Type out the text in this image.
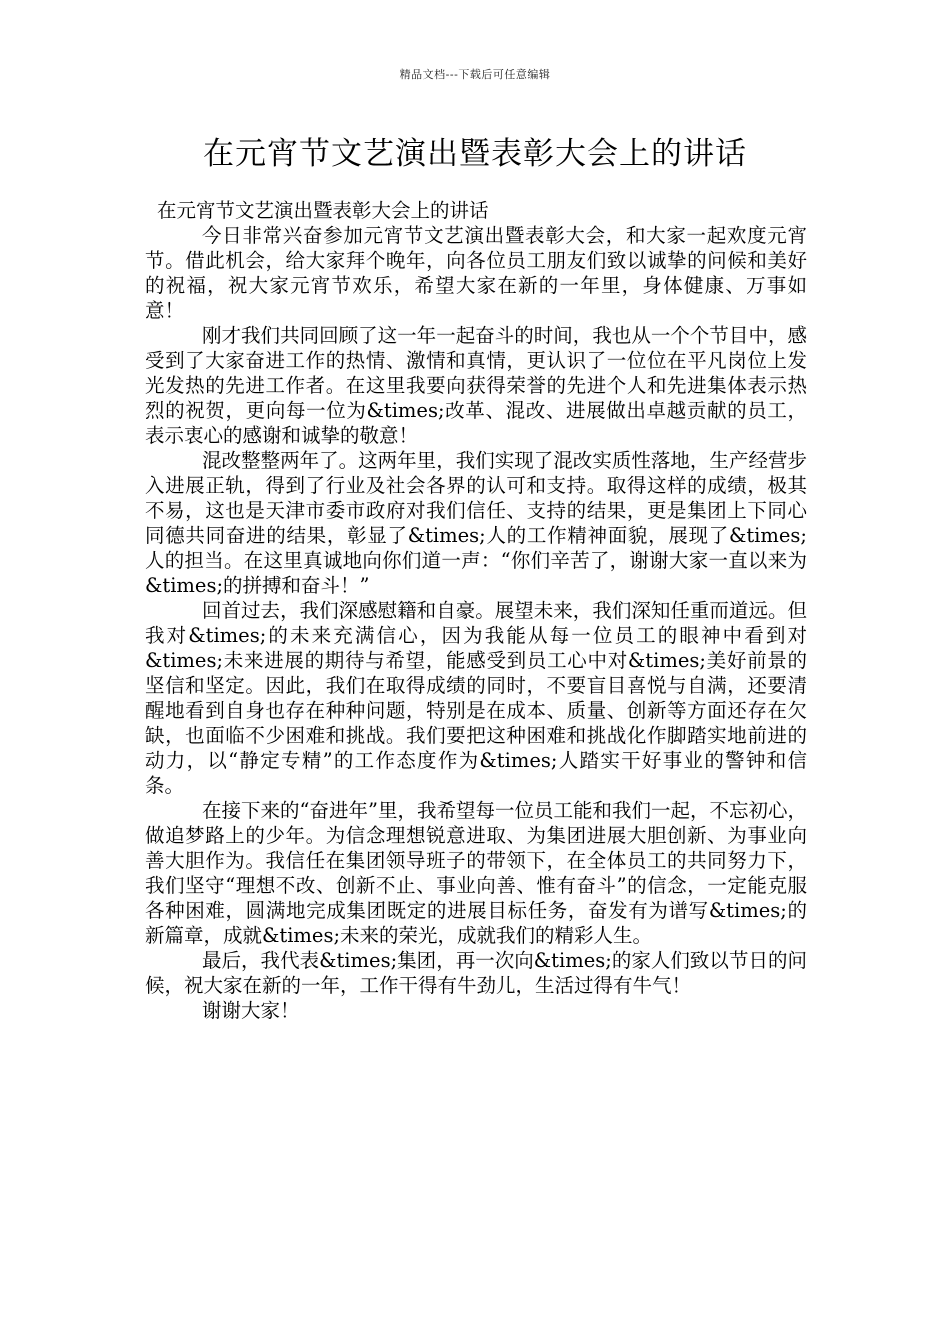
精品文档---下载后可任意编辑
在元宵节文艺演出暨表彰大会上的讲话

在元宵节文艺演出暨表彰大会上的讲话

今日非常兴奋参加元宵节文艺演出暨表彰大会，和大家一起欢度元宵节。借此机会，给大家拜个晚年，向各位员工朋友们致以诚挚的问候和美好的祝福，祝大家元宵节欢乐，希望大家在新的一年里，身体健康、万事如意！

刚才我们共同回顾了这一年一起奋斗的时间，我也从一个个节目中，感受到了大家奋进工作的热情、激情和真情，更认识了一位位在平凡岗位上发光发热的先进工作者。在这里我要向获得荣誉的先进个人和先进集体表示热烈的祝贺，更向每一位为&times;改革、混改、进展做出卓越贡献的员工，表示衷心的感谢和诚挚的敬意！

混改整整两年了。这两年里，我们实现了混改实质性落地，生产经营步入进展正轨，得到了行业及社会各界的认可和支持。取得这样的成绩，极其不易，这也是天津市委市政府对我们信任、支持的结果，更是集团上下同心同德共同奋进的结果，彰显了&times;人的工作精神面貌，展现了&times;人的担当。在这里真诚地向你们道一声：“你们辛苦了，谢谢大家一直以来为&times;的拼搏和奋斗！”

回首过去，我们深感慰籍和自豪。展望未来，我们深知任重而道远。但我对&times;的未来充满信心，因为我能从每一位员工的眼神中看到对&times;未来进展的期待与希望，能感受到员工心中对&times;美好前景的坚信和坚定。因此，我们在取得成绩的同时，不要盲目喜悦与自满，还要清醒地看到自身也存在种种问题，特别是在成本、质量、创新等方面还存在欠缺，也面临不少困难和挑战。我们要把这种困难和挑战化作脚踏实地前进的动力，以“静定专精”的工作态度作为&times;人踏实干好事业的警钟和信条。

在接下来的“奋进年”里，我希望每一位员工能和我们一起，不忘初心，做追梦路上的少年。为信念理想锐意进取、为集团进展大胆创新、为事业向善大胆作为。我信任在集团领导班子的带领下，在全体员工的共同努力下，我们坚守“理想不改、创新不止、事业向善、惟有奋斗”的信念，一定能克服各种困难，圆满地完成集团既定的进展目标任务，奋发有为谱写&times;的新篇章，成就&times;未来的荣光，成就我们的精彩人生。

最后，我代表&times;集团，再一次向&times;的家人们致以节日的问候，祝大家在新的一年，工作干得有牛劲儿，生活过得有牛气！

谢谢大家！
